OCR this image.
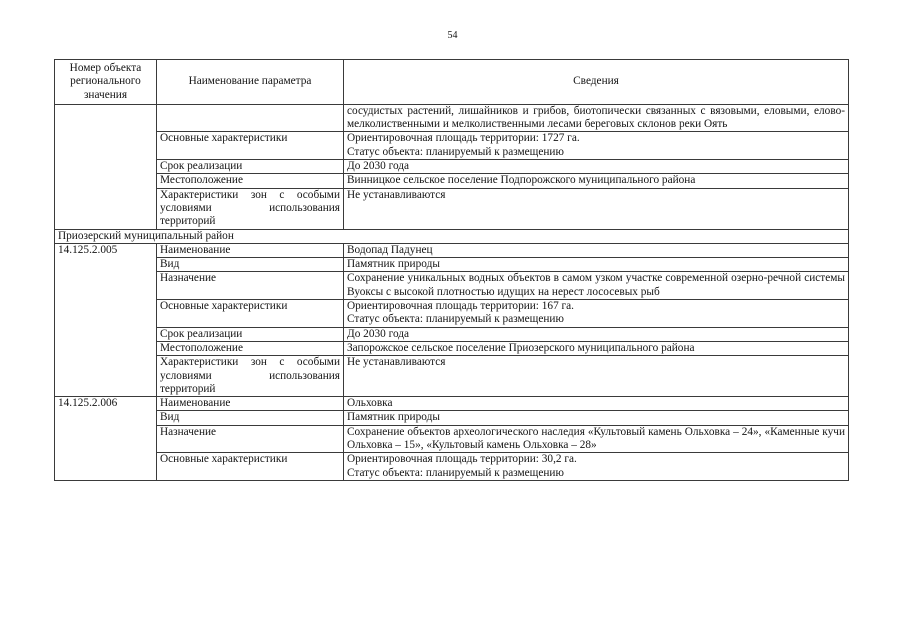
54
Номер объекта регионального значения	Наименование параметра	Сведения
		сосудистых растений, лишайников и грибов, биотопически связанных с вязовыми, еловыми, елово-мелколиственными и мелколиственными лесами береговых склонов реки Оять
	Основные характеристики	Ориентировочная площадь территории: 1727 га.
Статус объекта: планируемый к размещению

	Срок реализации	До 2030 года
	Местоположение	Винницкое сельское поселение Подпорожского муниципального района
	Характеристики зон с особыми условиями использования территорий	Не устанавливаются
Приозерский муниципальный район		
14.125.2.005	Наименование	Водопад Падунец
	Вид	Памятник природы
	Назначение	Сохранение уникальных водных объектов в самом узком участке современной озерно-речной системы Вуоксы с высокой плотностью идущих на нерест лососевых рыб
	Основные характеристики	Ориентировочная площадь территории: 167 га.
Статус объекта: планируемый к размещению

	Срок реализации	До 2030 года
	Местоположение	Запорожское сельское поселение Приозерского муниципального района
	Характеристики зон с особыми условиями использования территорий	Не устанавливаются
14.125.2.006	Наименование	Ольховка
	Вид	Памятник природы
	Назначение	Сохранение объектов археологического наследия «Культовый камень Ольховка – 24», «Каменные кучи Ольховка – 15», «Культовый камень Ольховка – 28»
	Основные характеристики	Ориентировочная площадь территории: 30,2 га.
Статус объекта: планируемый к размещению
